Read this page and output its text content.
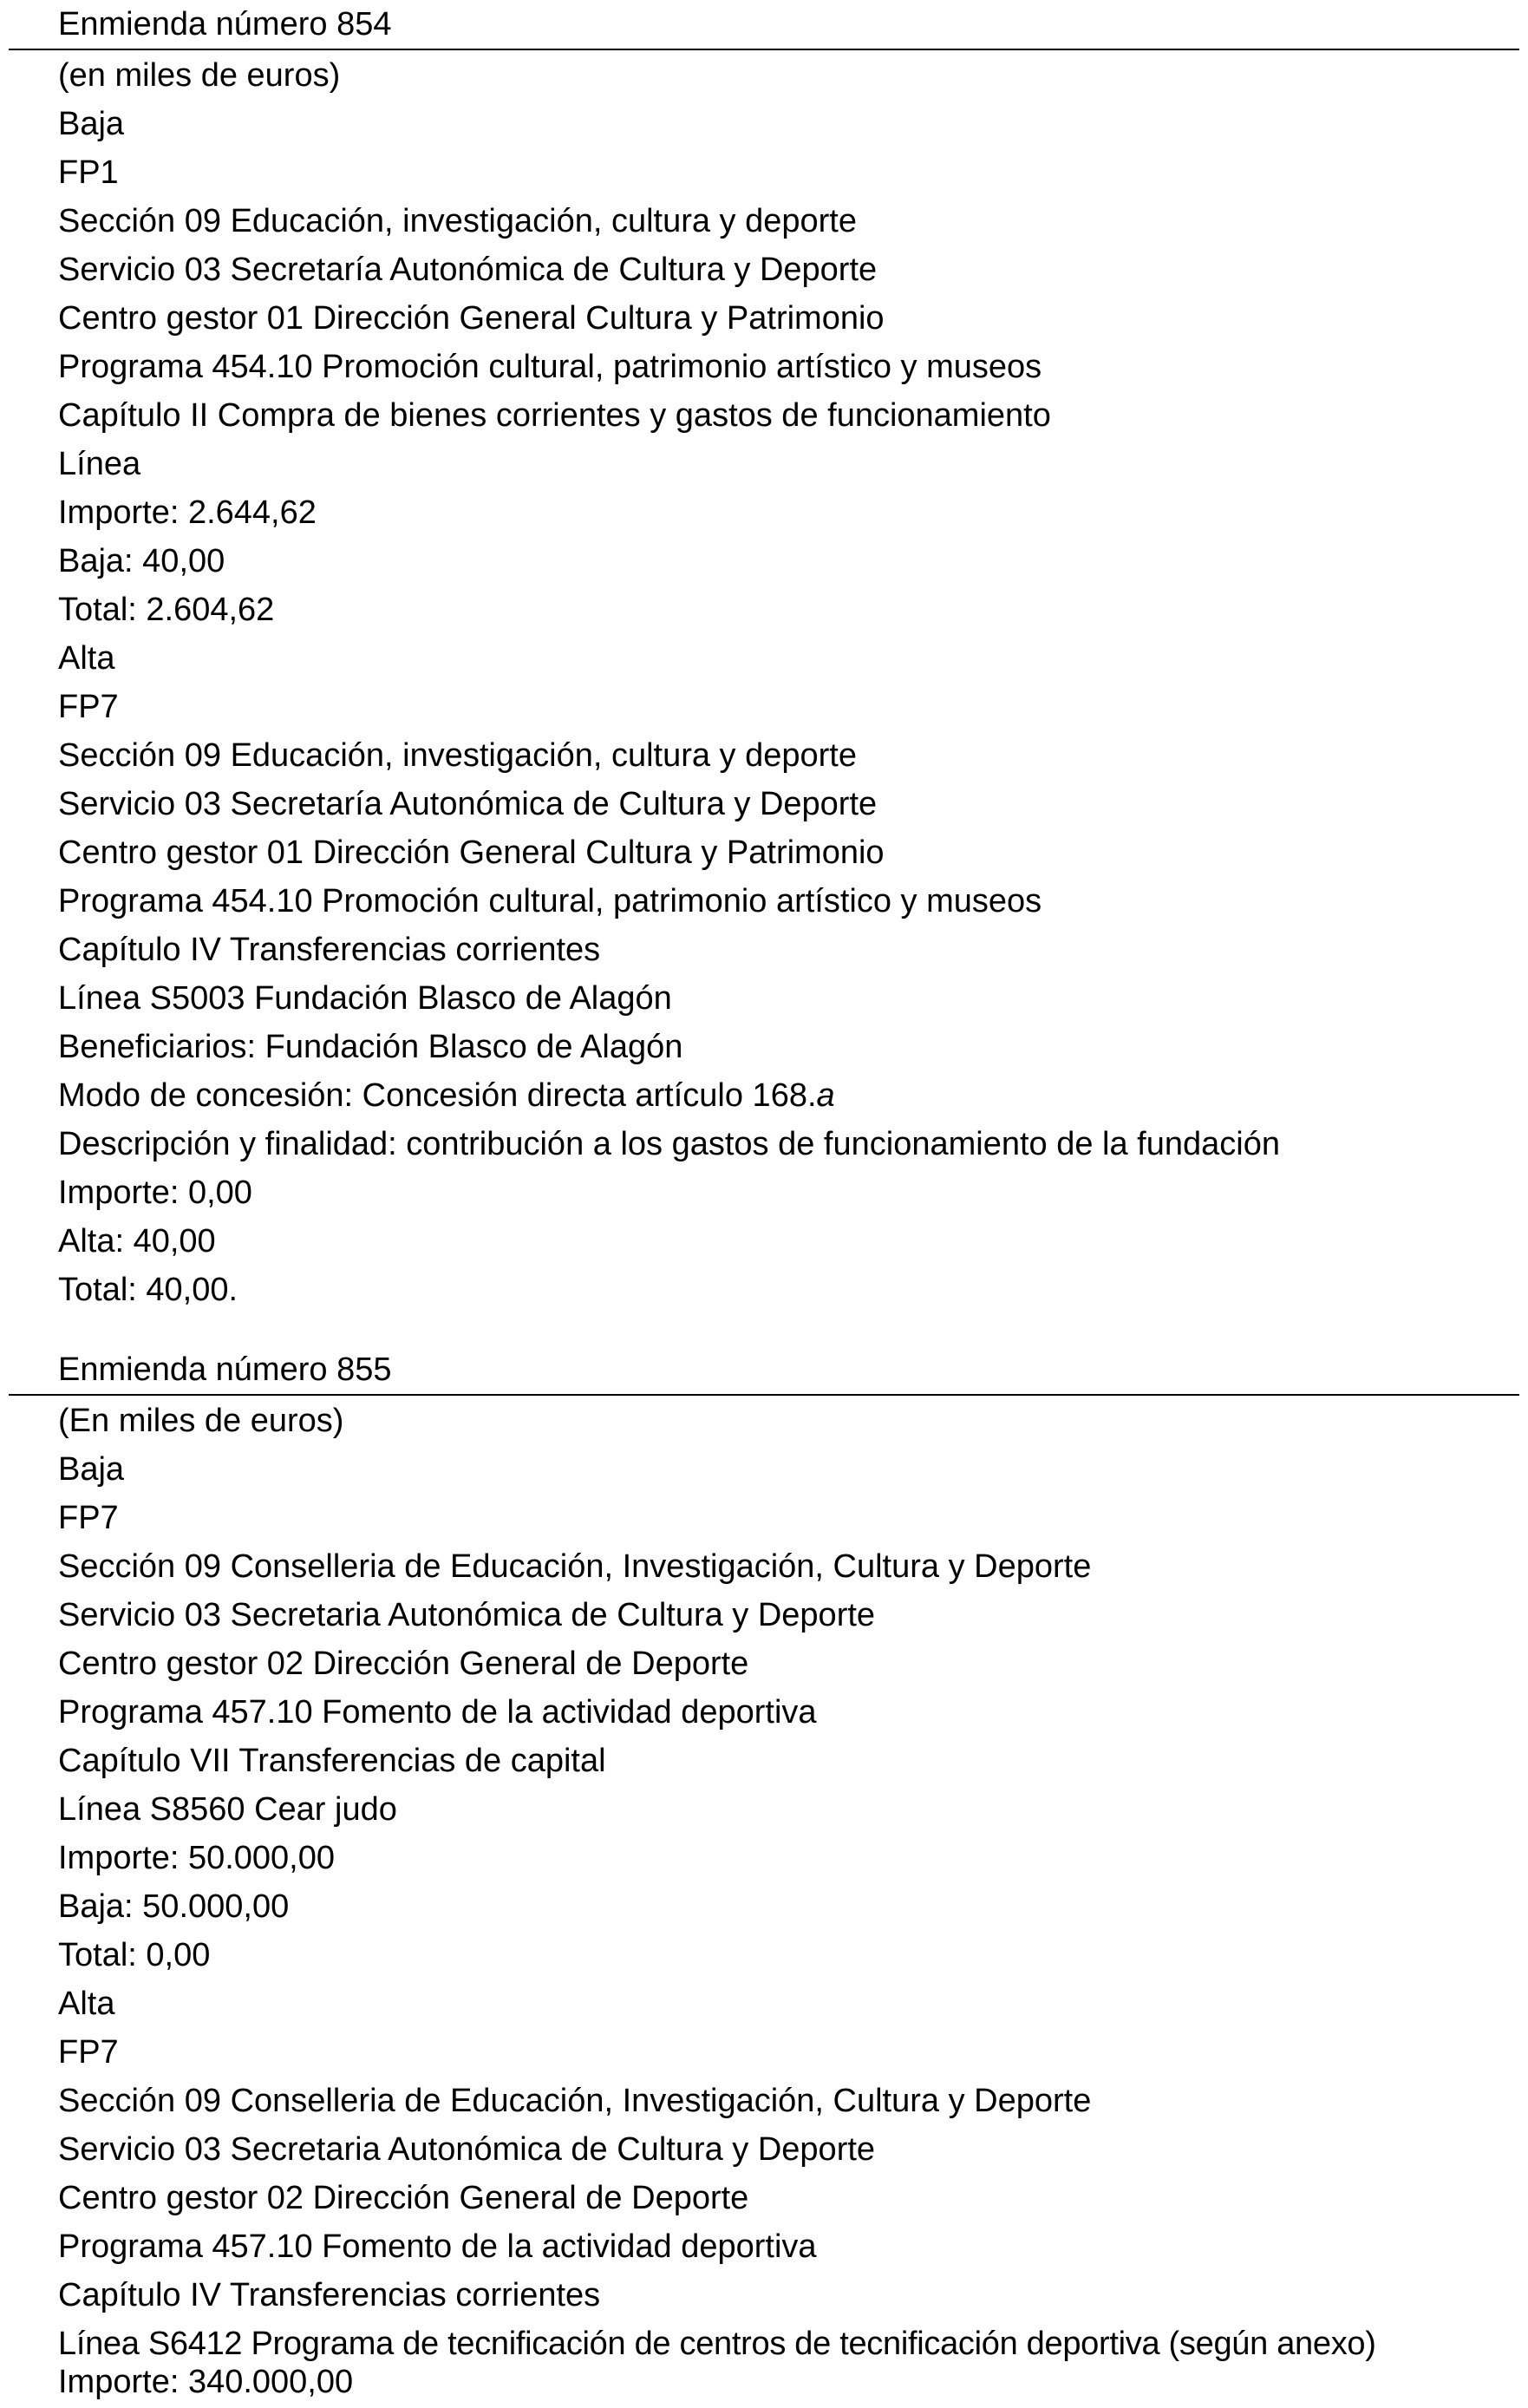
Enmienda número 854
(en miles de euros)
Baja
FP1
Sección 09 Educación, investigación, cultura y deporte
Servicio 03 Secretaría Autonómica de Cultura y Deporte
Centro gestor 01 Dirección General Cultura y Patrimonio
Programa 454.10 Promoción cultural, patrimonio artístico y museos
Capítulo II Compra de bienes corrientes y gastos de funcionamiento
Línea
Importe: 2.644,62
Baja: 40,00
Total: 2.604,62
Alta
FP7
Sección 09 Educación, investigación, cultura y deporte
Servicio 03 Secretaría Autonómica de Cultura y Deporte
Centro gestor 01 Dirección General Cultura y Patrimonio
Programa 454.10 Promoción cultural, patrimonio artístico y museos
Capítulo IV Transferencias corrientes
Línea S5003 Fundación Blasco de Alagón
Beneficiarios: Fundación Blasco de Alagón
Modo de concesión: Concesión directa artículo 168.a
Descripción y finalidad: contribución a los gastos de funcionamiento de la fundación
Importe: 0,00
Alta: 40,00
Total: 40,00.
Enmienda número 855
(En miles de euros)
Baja
FP7
Sección 09 Conselleria de Educación, Investigación, Cultura y Deporte
Servicio 03 Secretaria Autonómica de Cultura y Deporte
Centro gestor 02 Dirección General de Deporte
Programa 457.10 Fomento de la actividad deportiva
Capítulo VII Transferencias de capital
Línea S8560 Cear judo
Importe: 50.000,00
Baja: 50.000,00
Total: 0,00
Alta
FP7
Sección 09 Conselleria de Educación, Investigación, Cultura y Deporte
Servicio 03 Secretaria Autonómica de Cultura y Deporte
Centro gestor 02 Dirección General de Deporte
Programa 457.10 Fomento de la actividad deportiva
Capítulo IV Transferencias corrientes
Línea S6412 Programa de tecnificación de centros de tecnificación deportiva (según anexo)
Importe: 340.000,00
